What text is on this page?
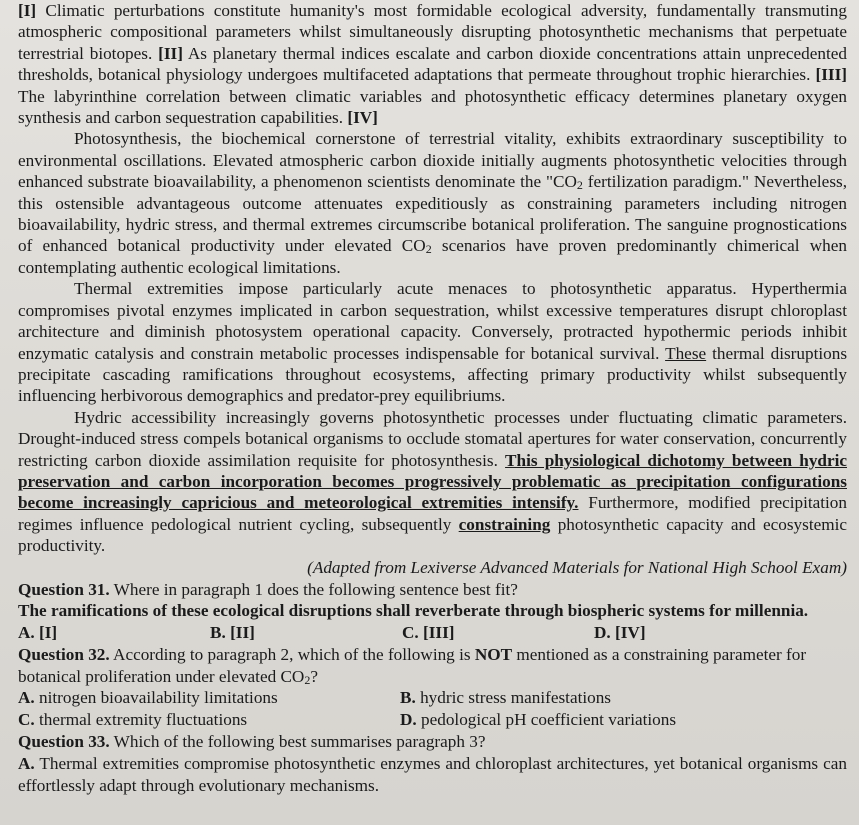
[I] Climatic perturbations constitute humanity's most formidable ecological adversity, fundamentally transmuting atmospheric compositional parameters whilst simultaneously disrupting photosynthetic mechanisms that perpetuate terrestrial biotopes. [II] As planetary thermal indices escalate and carbon dioxide concentrations attain unprecedented thresholds, botanical physiology undergoes multifaceted adaptations that permeate throughout trophic hierarchies. [III] The labyrinthine correlation between climatic variables and photosynthetic efficacy determines planetary oxygen synthesis and carbon sequestration capabilities. [IV]

Photosynthesis, the biochemical cornerstone of terrestrial vitality, exhibits extraordinary susceptibility to environmental oscillations. Elevated atmospheric carbon dioxide initially augments photosynthetic velocities through enhanced substrate bioavailability, a phenomenon scientists denominate the "$CO_2$ fertilization paradigm." Nevertheless, this ostensible advantageous outcome attenuates expeditiously as constraining parameters including nitrogen bioavailability, hydric stress, and thermal extremes circumscribe botanical proliferation. The sanguine prognostications of enhanced botanical productivity under elevated $CO_2$ scenarios have proven predominantly chimerical when contemplating authentic ecological limitations.

Thermal extremities impose particularly acute menaces to photosynthetic apparatus. Hyperthermia compromises pivotal enzymes implicated in carbon sequestration, whilst excessive temperatures disrupt chloroplast architecture and diminish photosystem operational capacity. Conversely, protracted hypothermic periods inhibit enzymatic catalysis and constrain metabolic processes indispensable for botanical survival. These thermal disruptions precipitate cascading ramifications throughout ecosystems, affecting primary productivity whilst subsequently influencing herbivorous demographics and predator-prey equilibriums.

Hydric accessibility increasingly governs photosynthetic processes under fluctuating climatic parameters. Drought-induced stress compels botanical organisms to occlude stomatal apertures for water conservation, concurrently restricting carbon dioxide assimilation requisite for photosynthesis. This physiological dichotomy between hydric preservation and carbon incorporation becomes progressively problematic as precipitation configurations become increasingly capricious and meteorological extremities intensify. Furthermore, modified precipitation regimes influence pedological nutrient cycling, subsequently constraining photosynthetic capacity and ecosystemic productivity.

(Adapted from Lexiverse Advanced Materials for National High School Exam)

Question 31. Where in paragraph 1 does the following sentence best fit?

The ramifications of these ecological disruptions shall reverberate through biospheric systems for millennia.

A. [I]	B. [II]	C. [III]	D. [IV]

Question 32. According to paragraph 2, which of the following is NOT mentioned as a constraining parameter for botanical proliferation under elevated $CO_2$?

A. nitrogen bioavailability limitations	B. hydric stress manifestations
C. thermal extremity fluctuations	D. pedological pH coefficient variations

Question 33. Which of the following best summarises paragraph 3?

A. Thermal extremities compromise photosynthetic enzymes and chloroplast architectures, yet botanical organisms can effortlessly adapt through evolutionary mechanisms.
